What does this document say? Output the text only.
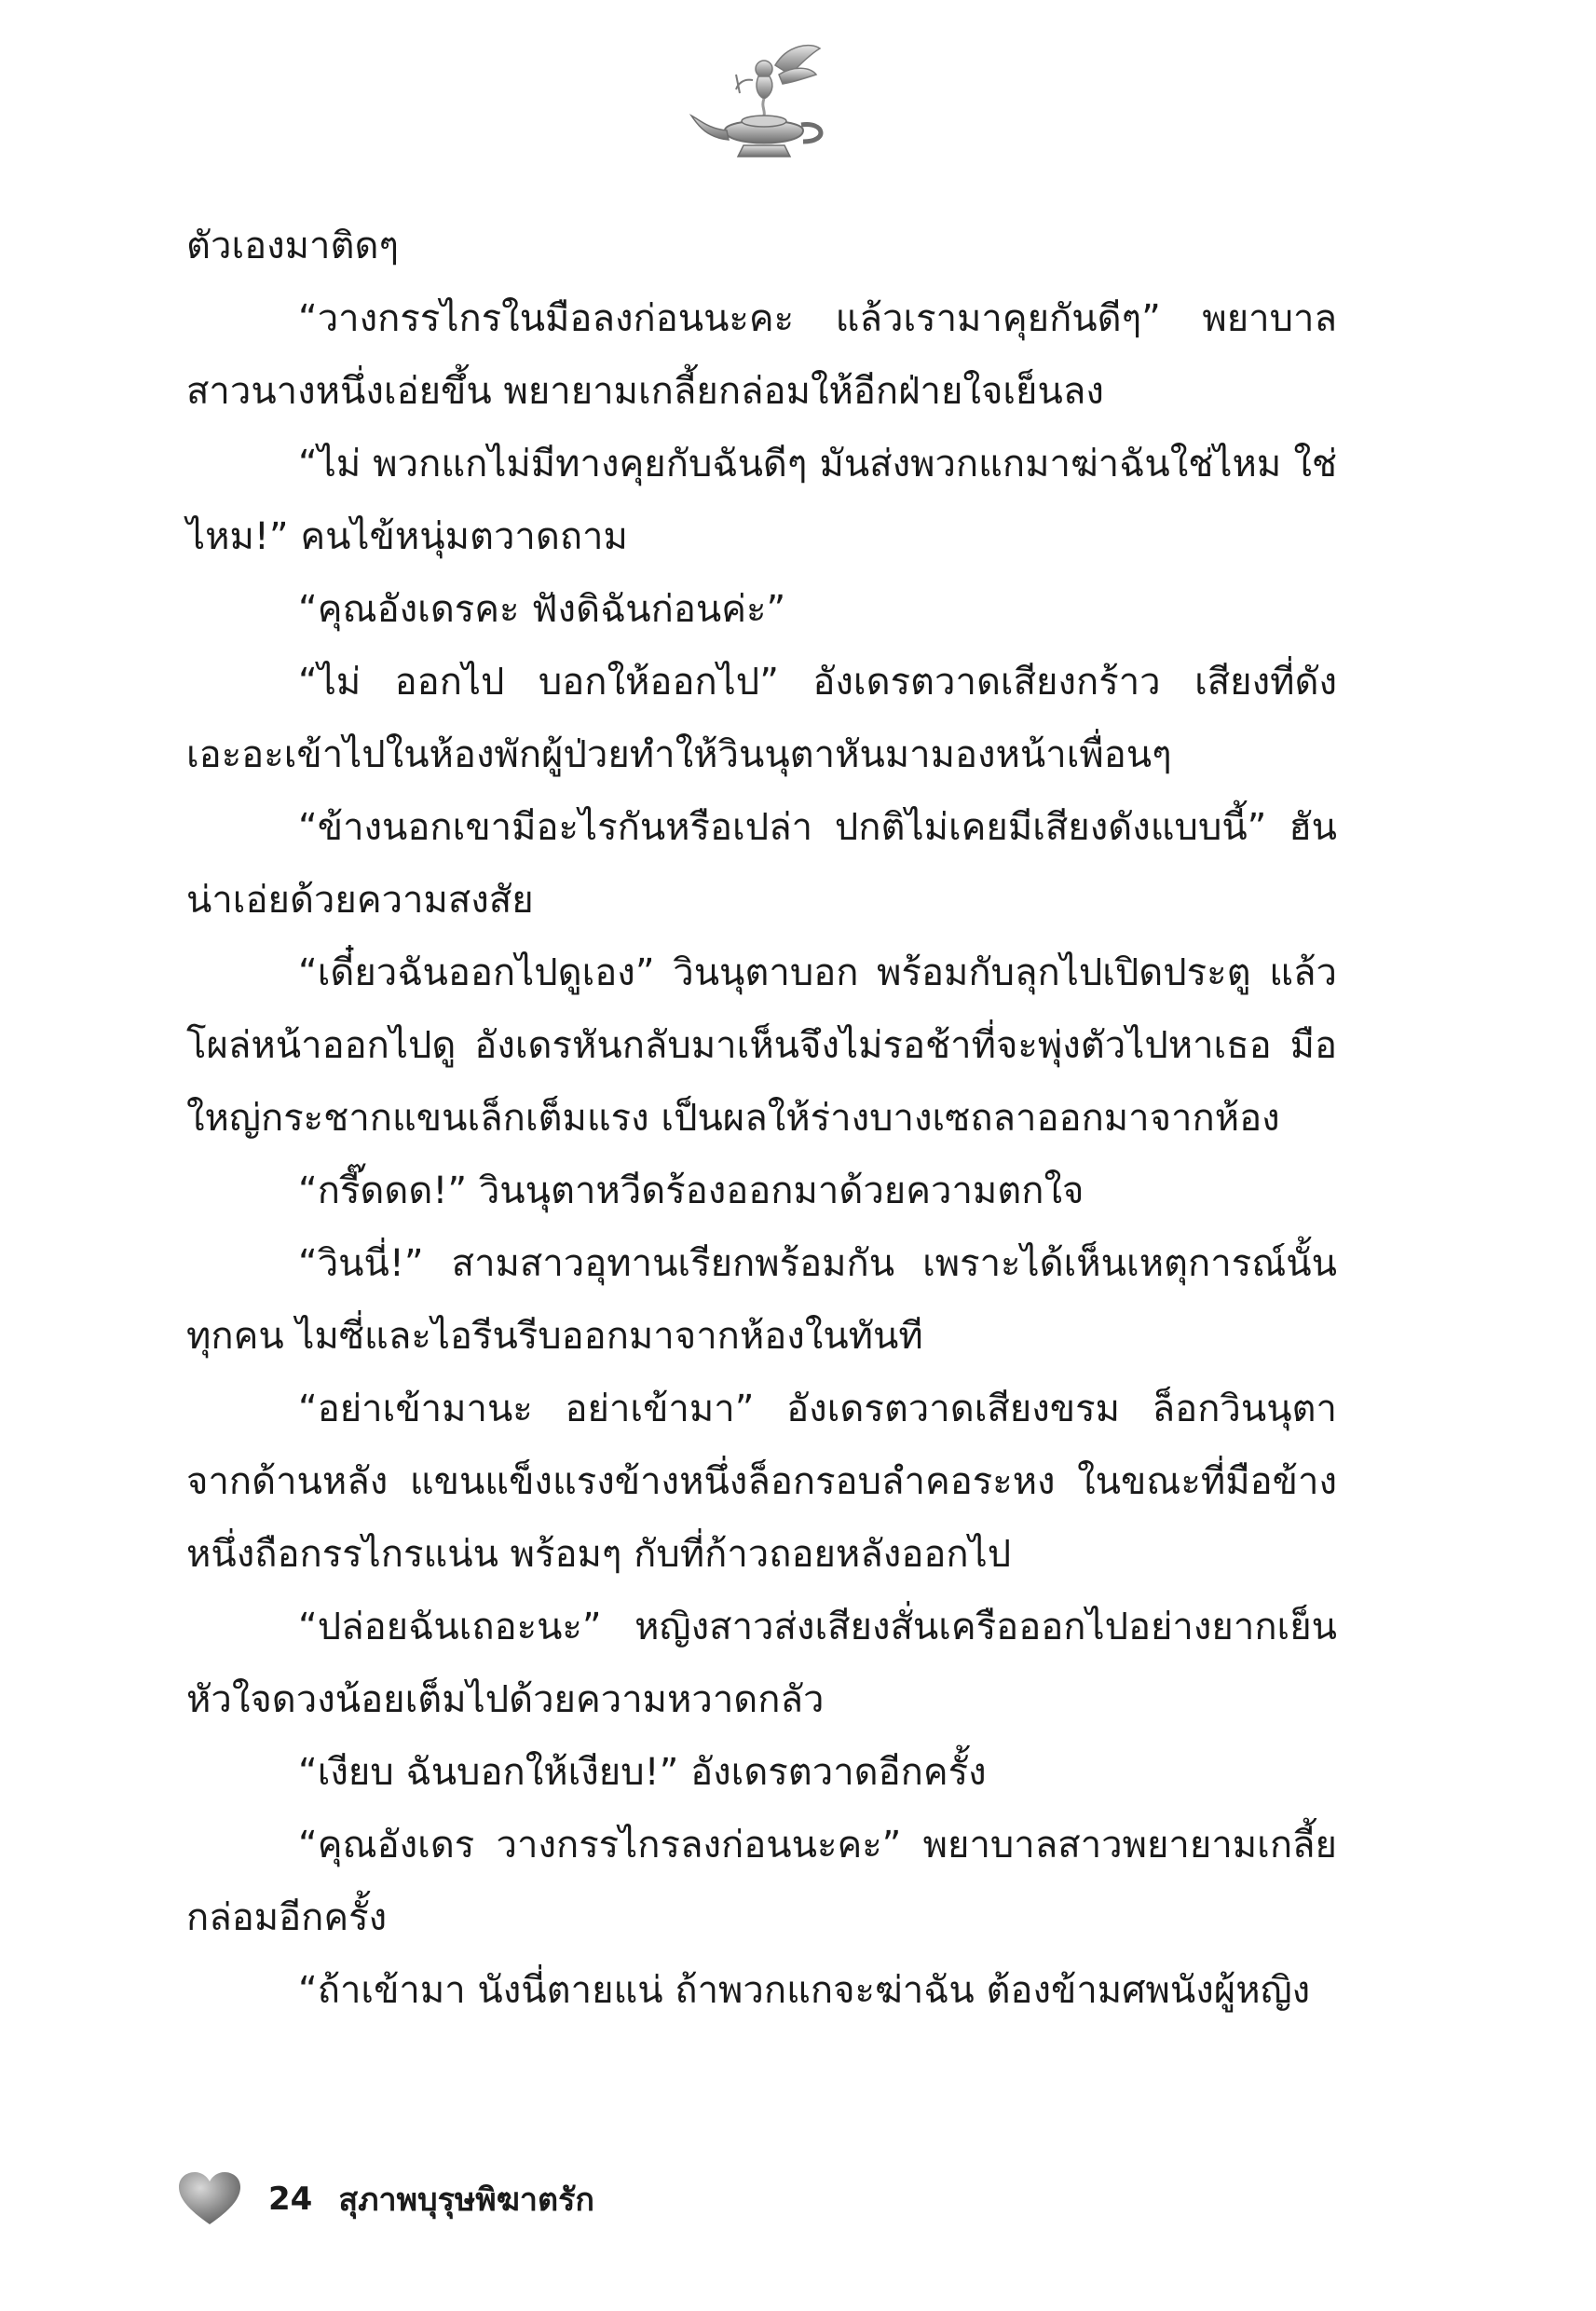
ตัวเองมาติดๆ

“วางกรรไกรในมือลงก่อนนะคะ แล้วเรามาคุยกันดีๆ” พยาบาลสาวนางหนึ่งเอ่ยขึ้น พยายามเกลี้ยกล่อมให้อีกฝ่ายใจเย็นลง

“ไม่ พวกแกไม่มีทางคุยกับฉันดีๆ มันส่งพวกแกมาฆ่าฉันใช่ไหม ใช่ไหม!” คนไข้หนุ่มตวาดถาม

“คุณอังเดรคะ ฟังดิฉันก่อนค่ะ”

“ไม่ ออกไป บอกให้ออกไป” อังเดรตวาดเสียงกร้าว เสียงที่ดังเอะอะเข้าไปในห้องพักผู้ป่วยทำให้วินนุตาหันมามองหน้าเพื่อนๆ

“ข้างนอกเขามีอะไรกันหรือเปล่า ปกติไม่เคยมีเสียงดังแบบนี้” ฮันน่าเอ่ยด้วยความสงสัย

“เดี๋ยวฉันออกไปดูเอง” วินนุตาบอก พร้อมกับลุกไปเปิดประตู แล้วโผล่หน้าออกไปดู อังเดรหันกลับมาเห็นจึงไม่รอช้าที่จะพุ่งตัวไปหาเธอ มือใหญ่กระชากแขนเล็กเต็มแรง เป็นผลให้ร่างบางเซถลาออกมาจากห้อง

“กรี๊ดดด!” วินนุตาหวีดร้องออกมาด้วยความตกใจ

“วินนี่!” สามสาวอุทานเรียกพร้อมกัน เพราะได้เห็นเหตุการณ์นั้นทุกคน ไมซี่และไอรีนรีบออกมาจากห้องในทันที

“อย่าเข้ามานะ อย่าเข้ามา” อังเดรตวาดเสียงขรม ล็อกวินนุตาจากด้านหลัง แขนแข็งแรงข้างหนึ่งล็อกรอบลำคอระหง ในขณะที่มือข้างหนึ่งถือกรรไกรแน่น พร้อมๆ กับที่ก้าวถอยหลังออกไป

“ปล่อยฉันเถอะนะ” หญิงสาวส่งเสียงสั่นเครือออกไปอย่างยากเย็น หัวใจดวงน้อยเต็มไปด้วยความหวาดกลัว

“เงียบ ฉันบอกให้เงียบ!” อังเดรตวาดอีกครั้ง

“คุณอังเดร วางกรรไกรลงก่อนนะคะ” พยาบาลสาวพยายามเกลี้ยกล่อมอีกครั้ง

“ถ้าเข้ามา นังนี่ตายแน่ ถ้าพวกแกจะฆ่าฉัน ต้องข้ามศพนังผู้หญิง

24 สุภาพบุรุษพิฆาตรัก
